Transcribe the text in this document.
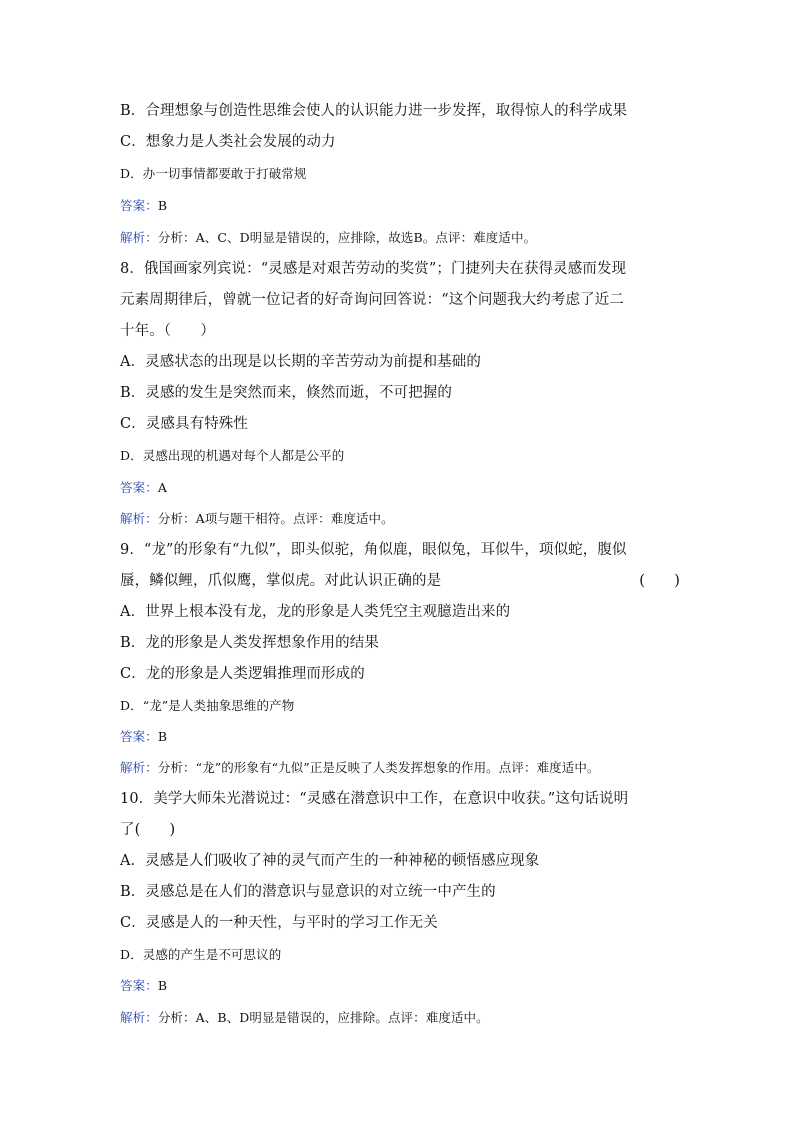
B．合理想象与创造性思维会使人的认识能力进一步发挥，取得惊人的科学成果
C．想象力是人类社会发展的动力
D．办一切事情都要敢于打破常规
答案：B
解析：分析：A、C、D明显是错误的，应排除，故选B。点评：难度适中。
8．俄国画家列宾说：“灵感是对艰苦劳动的奖赏”；门捷列夫在获得灵感而发现
元素周期律后，曾就一位记者的好奇询问回答说：“这个问题我大约考虑了近二
十年。（　　）
A．灵感状态的出现是以长期的辛苦劳动为前提和基础的
B．灵感的发生是突然而来，倏然而逝，不可把握的
C．灵感具有特殊性
D．灵感出现的机遇对每个人都是公平的
答案：A
解析：分析：A项与题干相符。点评：难度适中。
9．“龙”的形象有“九似”，即头似驼，角似鹿，眼似兔，耳似牛，项似蛇，腹似
蜃，鳞似鲤，爪似鹰，掌似虎。对此认识正确的是	(　　)
A．世界上根本没有龙，龙的形象是人类凭空主观臆造出来的
B．龙的形象是人类发挥想象作用的结果
C．龙的形象是人类逻辑推理而形成的
D．“龙”是人类抽象思维的产物
答案：B
解析：分析：“龙”的形象有“九似”正是反映了人类发挥想象的作用。点评：难度适中。
10．美学大师朱光潜说过：“灵感在潜意识中工作，在意识中收获。”这句话说明
了(　　)
A．灵感是人们吸收了神的灵气而产生的一种神秘的顿悟感应现象
B．灵感总是在人们的潜意识与显意识的对立统一中产生的
C．灵感是人的一种天性，与平时的学习工作无关
D．灵感的产生是不可思议的
答案：B
解析：分析：A、B、D明显是错误的，应排除。点评：难度适中。
